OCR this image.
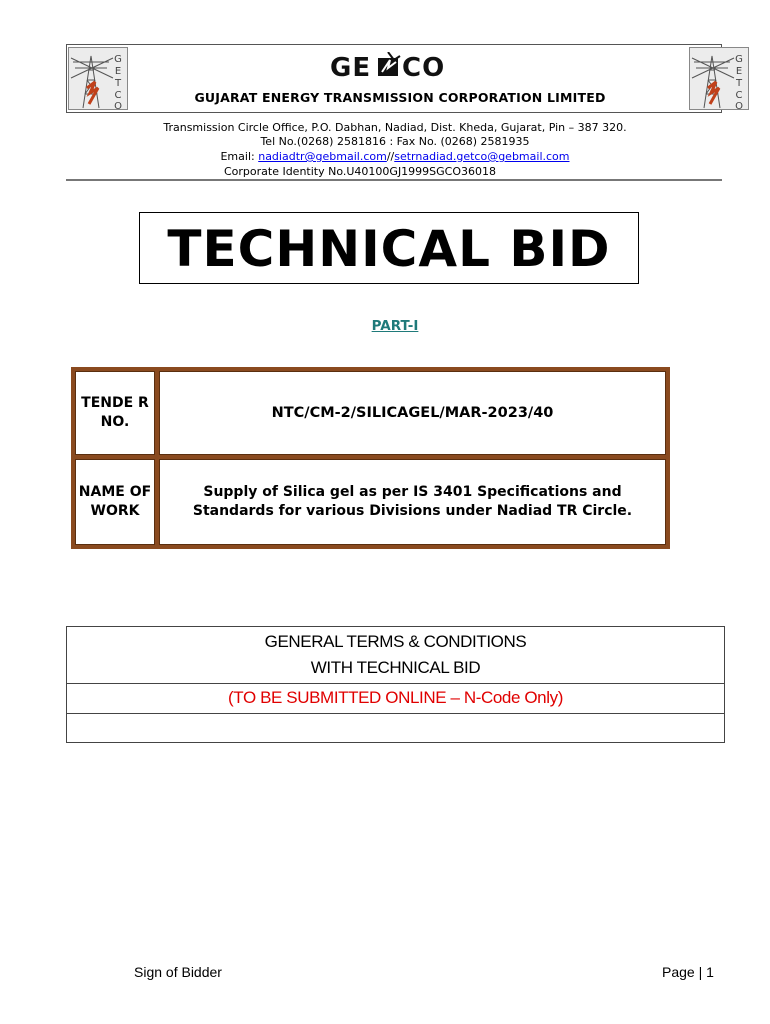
G
E
T
C
O
G
E
T
C
O
GE CO
GUJARAT ENERGY TRANSMISSION CORPORATION LIMITED
Transmission Circle Office, P.O. Dabhan, Nadiad, Dist. Kheda, Gujarat, Pin – 387 320.
Tel No.(0268) 2581816 : Fax No. (0268) 2581935
Email: nadiadtr@gebmail.com//setrnadiad.getco@gebmail.com
Corporate Identity No.U40100GJ1999SGCO36018
TECHNICAL BID
PART-I
TENDE R NO.
NTC/CM-2/SILICAGEL/MAR-2023/40
NAME OF WORK
Supply of Silica gel as per IS 3401 Specifications and Standards for various Divisions under Nadiad TR Circle.
GENERAL TERMS & CONDITIONS
WITH TECHNICAL BID
(TO BE SUBMITTED ONLINE – N-Code Only)
Sign of Bidder	Page | 1
